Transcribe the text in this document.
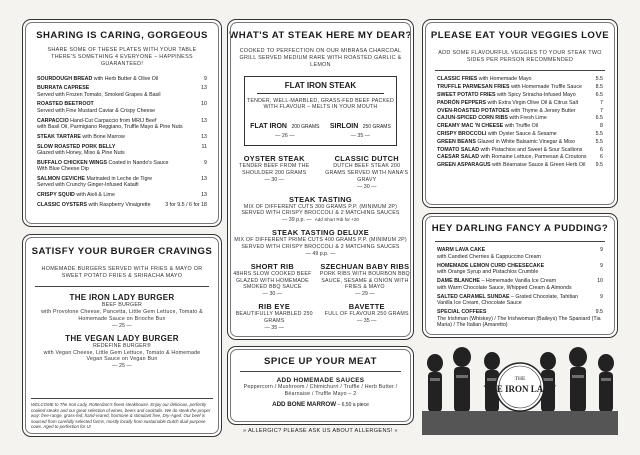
SHARING IS CARING, GORGEOUS
SHARE SOME OF THESE PLATES WITH YOUR TABLE THERE'S SOMETHING 4 EVERYONE – HAPPINESS GUARANTEED!
SOURDOUGH BREAD with Herb Butter & Olive Oil	9
BURRATA CAPRESE	13
Served with Frozen Tomato, Smoked Grapes & Basil
ROASTED BEETROOT	10
Served with Fine Mustard Caviar & Crispy Cheese
CARPACCIO Hand-Cut Carpaccio from MRIJ Beef	13
with Basil Oil, Parmigiano Reggiano, Truffle Mayo & Pine Nuts
STEAK TARTARE with Bone Marrow	13
SLOW ROASTED PORK BELLY	11
Glazed with Honey, Miso & Pine Nuts
BUFFALO CHICKEN WINGS Coated in Nando's Sauce	9
With Blue Cheese Dip
SALMON CEVICHE Marinated in Leche de Tigre	13
Served with Crunchy Ginger-Infused Kataifi
CRISPY SQUID with Aioli & Lime	13
CLASSIC OYSTERS with Raspberry Vinaigrette	3 for 9.5 / 6 for 18
SATISFY YOUR BURGER CRAVINGS
HOMEMADE BURGERS SERVED WITH FRIES & MAYO OR SWEET POTATO FRIES & SRIRACHA MAYO
THE IRON LADY BURGER
BEEF BURGER
with Provolone Cheese, Pancetta, Little Gem Lettuce, Tomato & Homemade Sauce on Brioche Bun
— 25 —
THE VEGAN LADY BURGER
REDEFINE BURGER®
with Vegan Cheese, Little Gem Lettuce, Tomato & Homemade Vegan Sauce on Vegan Bun
— 25 —
WELCOME to The Iron Lady, Rotterdam's finest steakhouse. Enjoy our delicious, perfectly cooked steaks and our great selection of wines, beers and cocktails. We do steak the proper way: free-range, grass-fed, hand-reared, hormone & stimulant free, Dry-Aged. Our beef is sourced from carefully selected farms, mostly locally from sustainable Dutch dual-purpose cows. Aged to perfection for U!
WHAT'S AT STEAK HERE MY DEAR?
COOKED TO PERFECTION ON OUR MIBRASA CHARCOAL GRILL SERVED MEDIUM RARE WITH ROASTED GARLIC & LEMON
FLAT IRON STEAK
TENDER, WELL-MARBLED, GRASS-FED BEEF PACKED WITH FLAVOUR – MELTS IN YOUR MOUTH
FLAT IRON 200 GRAMS
— 26 —
SIRLOIN 250 GRAMS
— 35 —
OYSTER STEAK
TENDER BEEF FROM THE SHOULDER 200 GRAMS
— 30 —
CLASSIC DUTCH
DUTCH BEEF STEAK 200 GRAMS SERVED WITH NANA'S GRAVY
— 30 —
STEAK TASTING
MIX OF DIFFERENT CUTS 300 GRAMS P.P. (MINIMUM 2P) SERVED WITH CRISPY BROCCOLI & 2 MATCHING SAUCES
— 39 p.p. — Add Short Rib for +20
STEAK TASTING DELUXE
MIX OF DIFFERENT PRIME CUTS 400 GRAMS P.P. (MINIMUM 2P) SERVED WITH CRISPY BROCCOLI & 2 MATCHING SAUCES
— 49 p.p. —
SHORT RIB
48HRS SLOW COOKED BEEF GLAZED WITH HOMEMADE SMOKED BBQ SAUCE
— 30 —
SZECHUAN BABY RIBS
PORK RIBS WITH BOURBON BBQ SAUCE, SESAME & ONION WITH FRIES & MAYO
— 29 —
RIB EYE
BEAUTIFULLY MARBLED 250 GRAMS
— 35 —
BAVETTE
FULL OF FLAVOUR 250 GRAMS
— 35 —
SPICE UP YOUR MEAT
ADD HOMEMADE SAUCES
Peppercorn / Mushroom / Chimichurri / Truffle / Herb Butter / Béarnaise / Truffle Mayo – 2
ADD BONE MARROW – 6,50 a piece
» ALLERGIC? PLEASE ASK US ABOUT ALLERGENS! «
PLEASE EAT YOUR VEGGIES LOVE
ADD SOME FLAVOURFUL VEGGIES TO YOUR STEAK TWO SIDES PER PERSON RECOMMENDED
CLASSIC FRIES with Homemade Mayo	5.5
TRUFFLE PARMESAN FRIES with Homemade Truffle Sauce	8.5
SWEET POTATO FRIES with Spicy Sriracha-Infused Mayo	6.5
PADRÓN PEPPERS with Extra Virgin Olive Oil & Citrus Salt	7
OVEN-ROASTED POTATOES with Thyme & Jersey Butter	7
CAJUN-SPICED CORN RIBS with Fresh Lime	6.5
CREAMY MAC 'N CHEESE with Truffle Oil	8
CRISPY BROCCOLI with Oyster Sauce & Sesame	5.5
GREEN BEANS Glazed in White Balsamic Vinegar & Miso	5.5
TOMATO SALAD with Pistachios and Sweet & Sour Scallions	6
CAESAR SALAD with Romaine Lettuce, Parmesan & Croutons	6
GREEN ASPARAGUS with Béarnaise Sauce & Green Herb Oil 9.5
HEY DARLING FANCY A PUDDING?
WARM LAVA CAKE	9
with Candied Cherries & Cappuccino Cream
HOMEMADE LEMON CURD CHEESECAKE	9
with Orange Syrup and Pistachios Crumble
DAME BLANCHE – Homemade Vanilla Ice Cream	10
with Warm Chocolate Sauce, Whipped Cream & Almonds
SALTED CARAMEL SUNDAE – Grated Chocolate, Tahitian	9
Vanilla Ice Cream, Chocolate Sauce
SPECIAL COFFEES	9.5
The Irishman (Whiskey) / The Irishwoman (Baileys) The Spaniard (Tia Maria) / The Italian (Amaretto)
THE
THE IRON LADY
